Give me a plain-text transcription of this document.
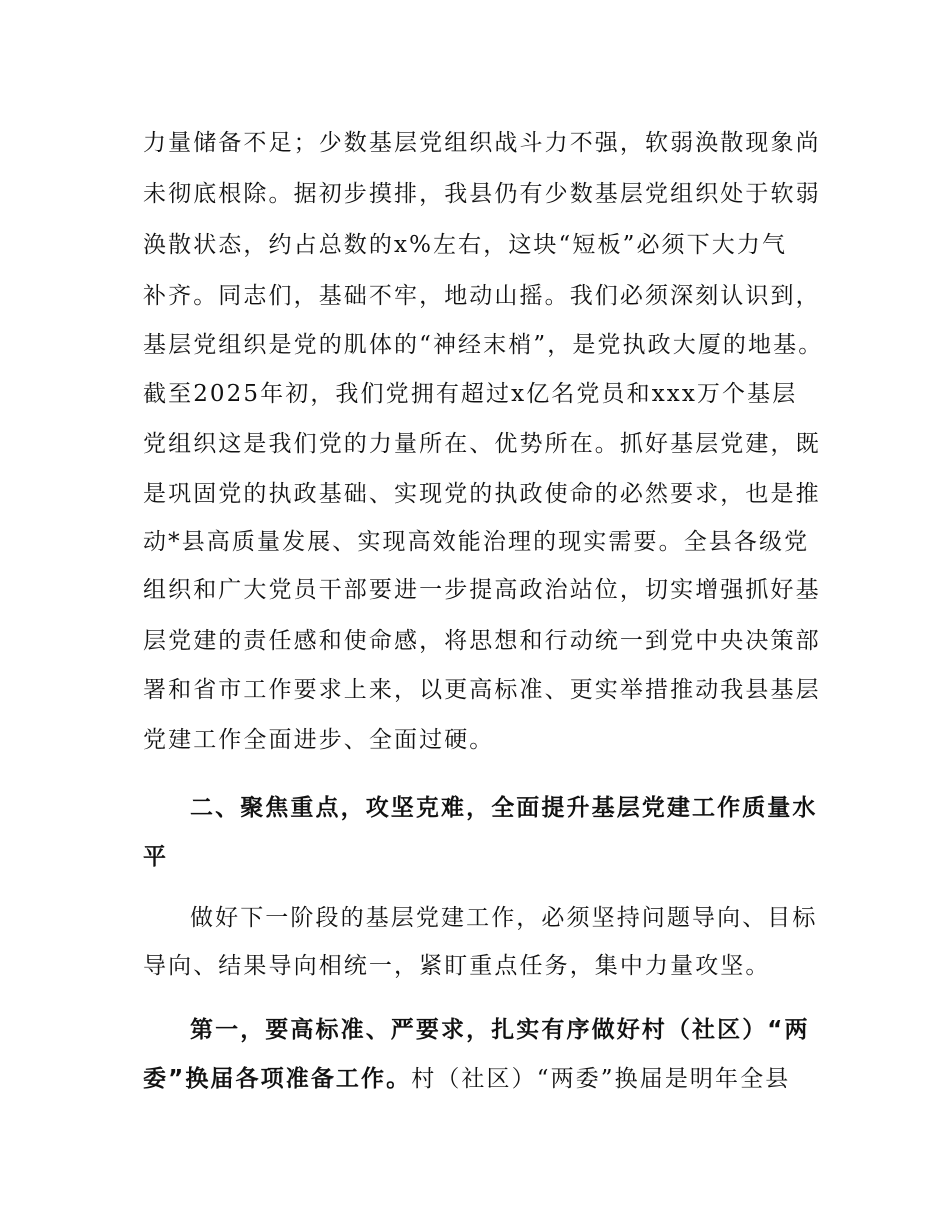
力量储备不足；少数基层党组织战斗力不强，软弱涣散现象尚
未彻底根除。据初步摸排，我县仍有少数基层党组织处于软弱
涣散状态，约占总数的x%左右，这块“短板”必须下大力气
补齐。同志们，基础不牢，地动山摇。我们必须深刻认识到，
基层党组织是党的肌体的“神经末梢”，是党执政大厦的地基。
截至2025年初，我们党拥有超过x亿名党员和xxx万个基层
党组织这是我们党的力量所在、优势所在。抓好基层党建，既
是巩固党的执政基础、实现党的执政使命的必然要求，也是推
动*县高质量发展、实现高效能治理的现实需要。全县各级党
组织和广大党员干部要进一步提高政治站位，切实增强抓好基
层党建的责任感和使命感，将思想和行动统一到党中央决策部
署和省市工作要求上来，以更高标准、更实举措推动我县基层
党建工作全面进步、全面过硬。
二、聚焦重点，攻坚克难，全面提升基层党建工作质量水
平
做好下一阶段的基层党建工作，必须坚持问题导向、目标
导向、结果导向相统一，紧盯重点任务，集中力量攻坚。
第一，要高标准、严要求，扎实有序做好村（社区）“两
委”换届各项准备工作。村（社区）“两委”换届是明年全县
